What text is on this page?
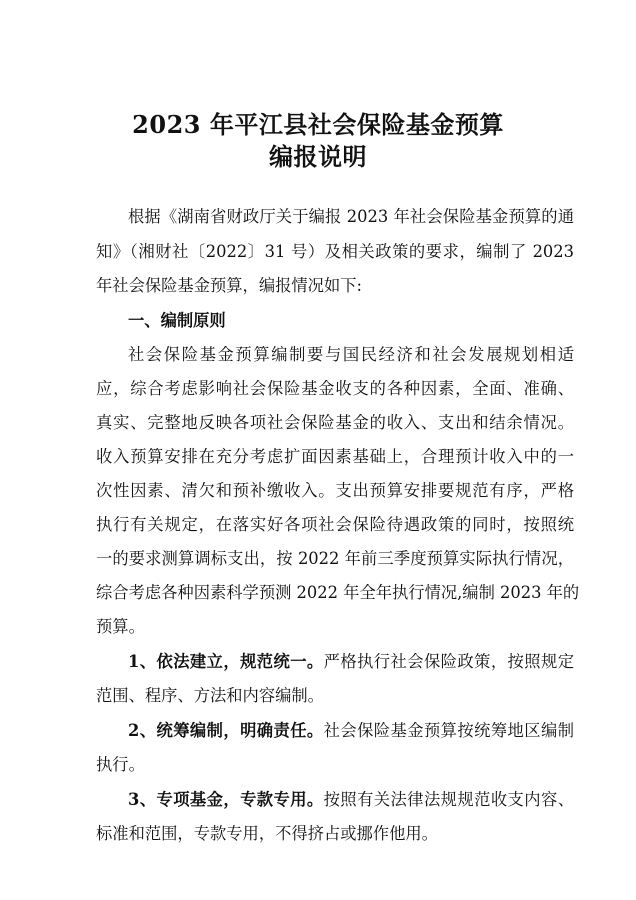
2023 年平江县社会保险基金预算
编报说明
根据《湖南省财政厅关于编报 2023 年社会保险基金预算的通
知》（湘财社〔2022〕31 号）及相关政策的要求，编制了 2023
年社会保险基金预算，编报情况如下:
一、编制原则
社会保险基金预算编制要与国民经济和社会发展规划相适
应，综合考虑影响社会保险基金收支的各种因素，全面、准确、
真实、完整地反映各项社会保险基金的收入、支出和结余情况。
收入预算安排在充分考虑扩面因素基础上，合理预计收入中的一
次性因素、清欠和预补缴收入。支出预算安排要规范有序，严格
执行有关规定，在落实好各项社会保险待遇政策的同时，按照统
一的要求测算调标支出，按 2022 年前三季度预算实际执行情况，
综合考虑各种因素科学预测 2022 年全年执行情况,编制 2023 年的
预算。
1、依法建立，规范统一。严格执行社会保险政策，按照规定
范围、程序、方法和内容编制。
2、统筹编制，明确责任。社会保险基金预算按统筹地区编制
执行。
3、专项基金，专款专用。按照有关法律法规规范收支内容、
标准和范围，专款专用，不得挤占或挪作他用。
